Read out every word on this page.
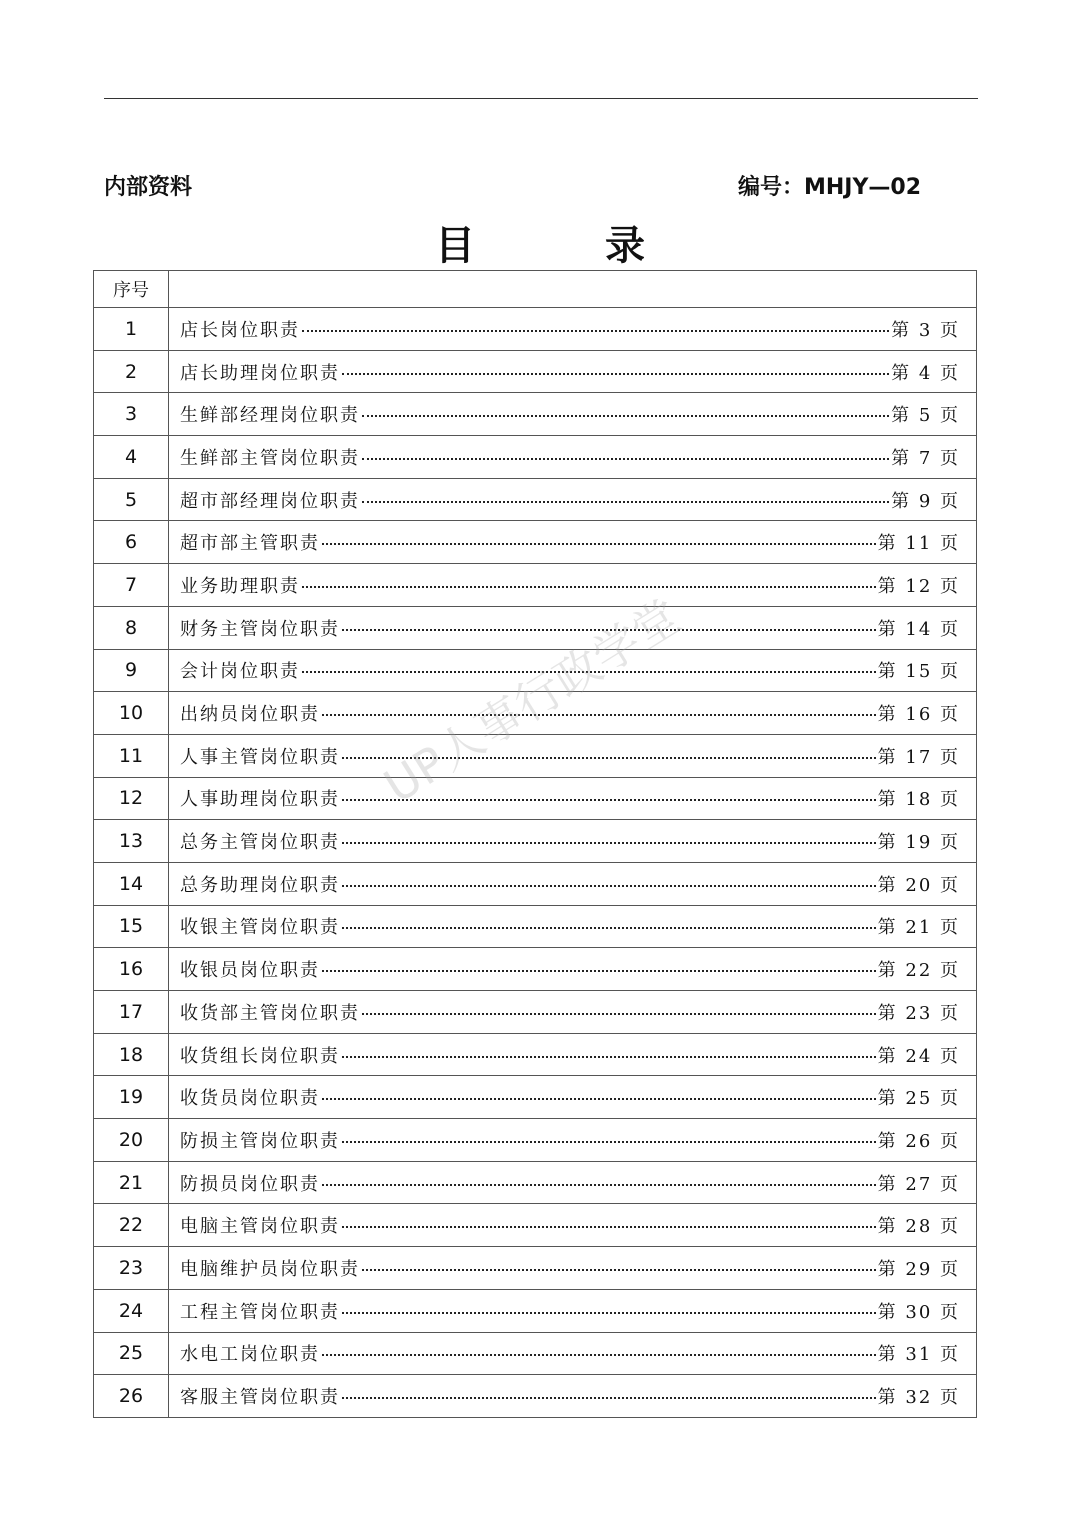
内部资料	编号：MHJY—02
目 录
序号	
1	店长岗位职责 第 3 页

2	店长助理岗位职责 第 4 页

3	生鲜部经理岗位职责 第 5 页

4	生鲜部主管岗位职责 第 7 页

5	超市部经理岗位职责 第 9 页

6	超市部主管职责 第 11 页

7	业务助理职责 第 12 页

8	财务主管岗位职责 第 14 页

9	会计岗位职责 第 15 页

10	出纳员岗位职责 第 16 页

11	人事主管岗位职责 第 17 页

12	人事助理岗位职责 第 18 页

13	总务主管岗位职责 第 19 页

14	总务助理岗位职责 第 20 页

15	收银主管岗位职责 第 21 页

16	收银员岗位职责 第 22 页

17	收货部主管岗位职责 第 23 页

18	收货组长岗位职责 第 24 页

19	收货员岗位职责 第 25 页

20	防损主管岗位职责 第 26 页

21	防损员岗位职责 第 27 页

22	电脑主管岗位职责 第 28 页

23	电脑维护员岗位职责 第 29 页

24	工程主管岗位职责 第 30 页

25	水电工岗位职责 第 31 页

26	客服主管岗位职责 第 32 页
UP人事行政学堂
